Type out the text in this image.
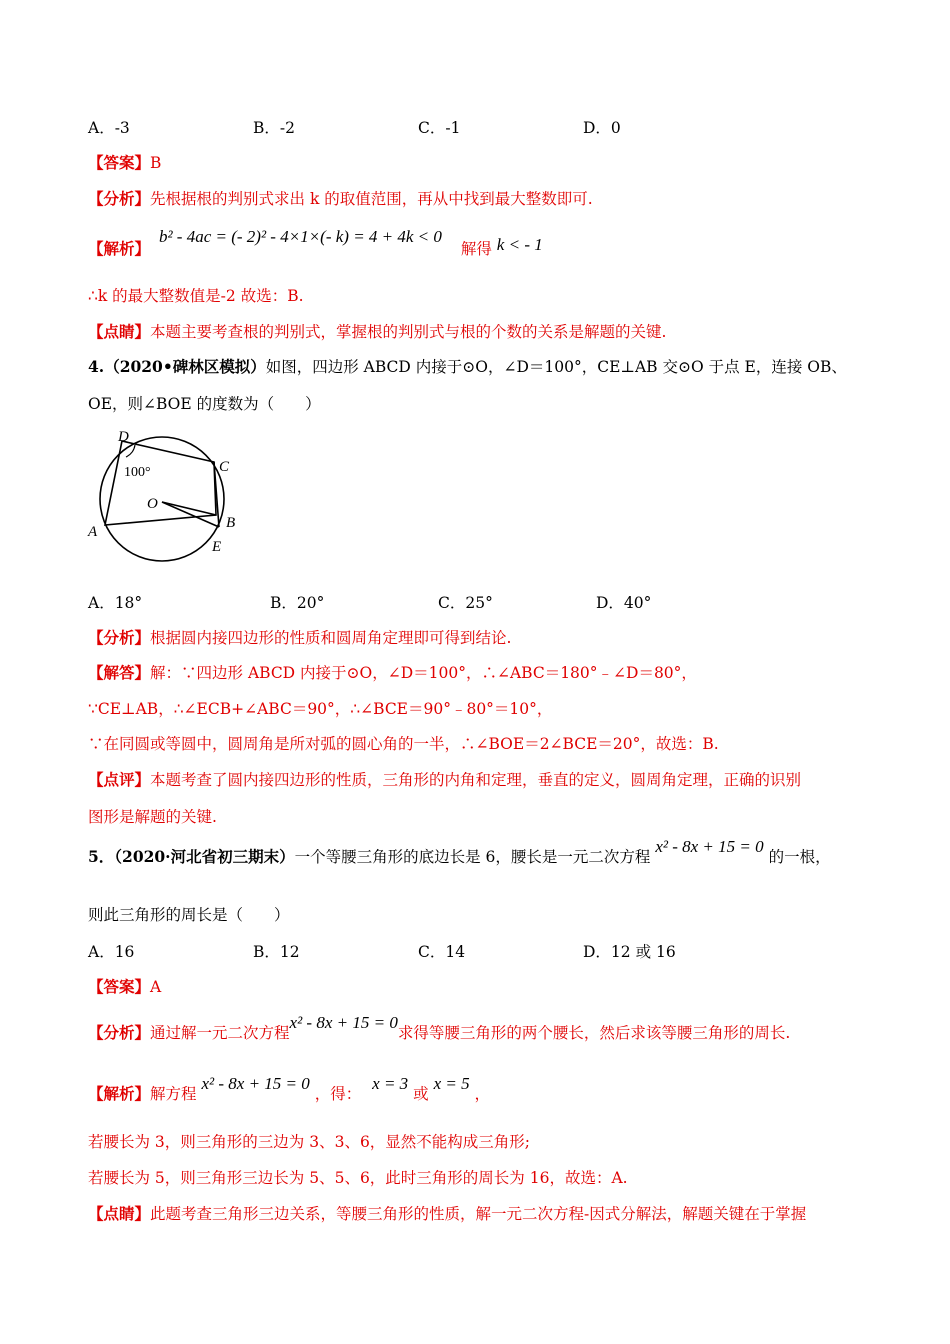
A．-3	B．-2	C．-1	D．0
【答案】B
【分析】先根据根的判别式求出 k 的取值范围，再从中找到最大整数即可.
【解析】 b² - 4ac = (- 2)² - 4×1×(- k) = 4 + 4k < 0 解得 k < - 1
∴k 的最大整数值是-2 故选：B.
【点睛】本题主要考查根的判别式，掌握根的判别式与根的个数的关系是解题的关键.
4.（2020•碑林区模拟）如图，四边形 ABCD 内接于⊙O，∠D＝100°，CE⊥AB 交⊙O 于点 E，连接 OB、
OE，则∠BOE 的度数为（　　）
D
100°	C
O
A
B
E
A．18°	B．20°	C．25°	D．40°
【分析】根据圆内接四边形的性质和圆周角定理即可得到结论.
【解答】解：∵四边形 ABCD 内接于⊙O，∠D＝100°，∴∠ABC＝180°﹣∠D＝80°，
∵CE⊥AB，∴∠ECB+∠ABC＝90°，∴∠BCE＝90°﹣80°＝10°，
∵在同圆或等圆中，圆周角是所对弧的圆心角的一半，∴∠BOE＝2∠BCE＝20°，故选：B.
【点评】本题考查了圆内接四边形的性质，三角形的内角和定理，垂直的定义，圆周角定理，正确的识别
图形是解题的关键.
5．（2020·河北省初三期末）一个等腰三角形的底边长是 6，腰长是一元二次方程 x² - 8x + 15 = 0 的一根，
则此三角形的周长是（　　）
A．16	B．12	C．14	D．12 或 16
【答案】A
【分析】通过解一元二次方程x² - 8x + 15 = 0求得等腰三角形的两个腰长，然后求该等腰三角形的周长.
【解析】解方程 x² - 8x + 15 = 0 ，得： x = 3 或 x = 5 ，
若腰长为 3，则三角形的三边为 3、3、6，显然不能构成三角形;
若腰长为 5，则三角形三边长为 5、5、6，此时三角形的周长为 16，故选：A.
【点睛】此题考查三角形三边关系，等腰三角形的性质，解一元二次方程-因式分解法，解题关键在于掌握
